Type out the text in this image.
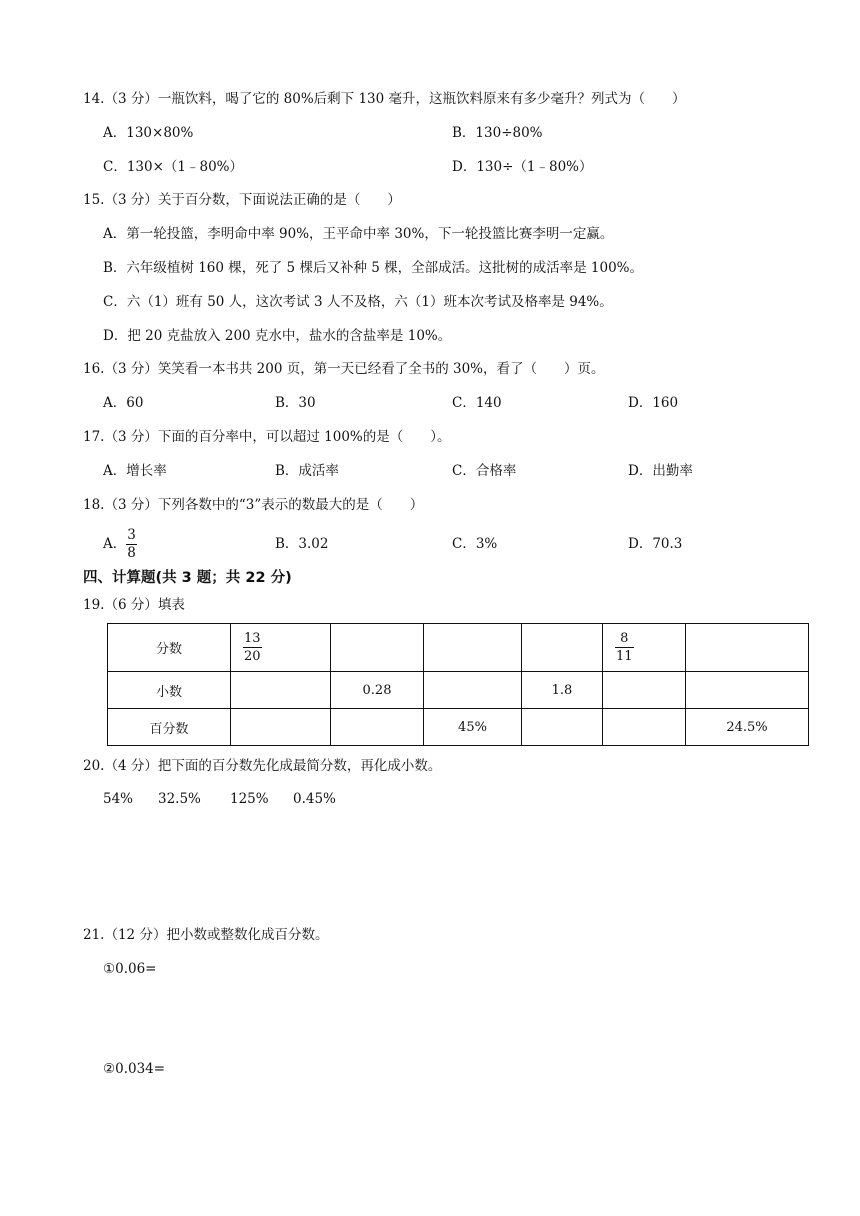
14.（3 分）一瓶饮料，喝了它的 80%后剩下 130 毫升，这瓶饮料原来有多少毫升？列式为（　　）
A．130×80%	B．130÷80%
C．130×（1﹣80%）	D．130÷（1﹣80%）
15.（3 分）关于百分数，下面说法正确的是（　　）
A．第一轮投篮，李明命中率 90%，王平命中率 30%，下一轮投篮比赛李明一定赢。
B．六年级植树 160 棵，死了 5 棵后又补种 5 棵，全部成活。这批树的成活率是 100%。
C．六（1）班有 50 人，这次考试 3 人不及格，六（1）班本次考试及格率是 94%。
D．把 20 克盐放入 200 克水中，盐水的含盐率是 10%。
16.（3 分）笑笑看一本书共 200 页，第一天已经看了全书的 30%，看了（　　）页。
A．60	B．30	C．140	D．160
17.（3 分）下面的百分率中，可以超过 100%的是（　　）。
A．增长率	B．成活率	C．合格率	D．出勤率
18.（3 分）下列各数中的“3”表示的数最大的是（　　）
A． $\frac{3}{8}$	B．3.02	C．3%	D．70.3
四、计算题(共 3 题；共 22 分)
19.（6 分）填表
分数	$\frac{13}{20}$				$\frac{8}{11}$

小数		0.28		1.8		
百分数			45%			24.5%
20.（4 分）把下面的百分数先化成最简分数，再化成小数。
54% 32.5% 125% 0.45%
21.（12 分）把小数或整数化成百分数。
①0.06=
②0.034=
